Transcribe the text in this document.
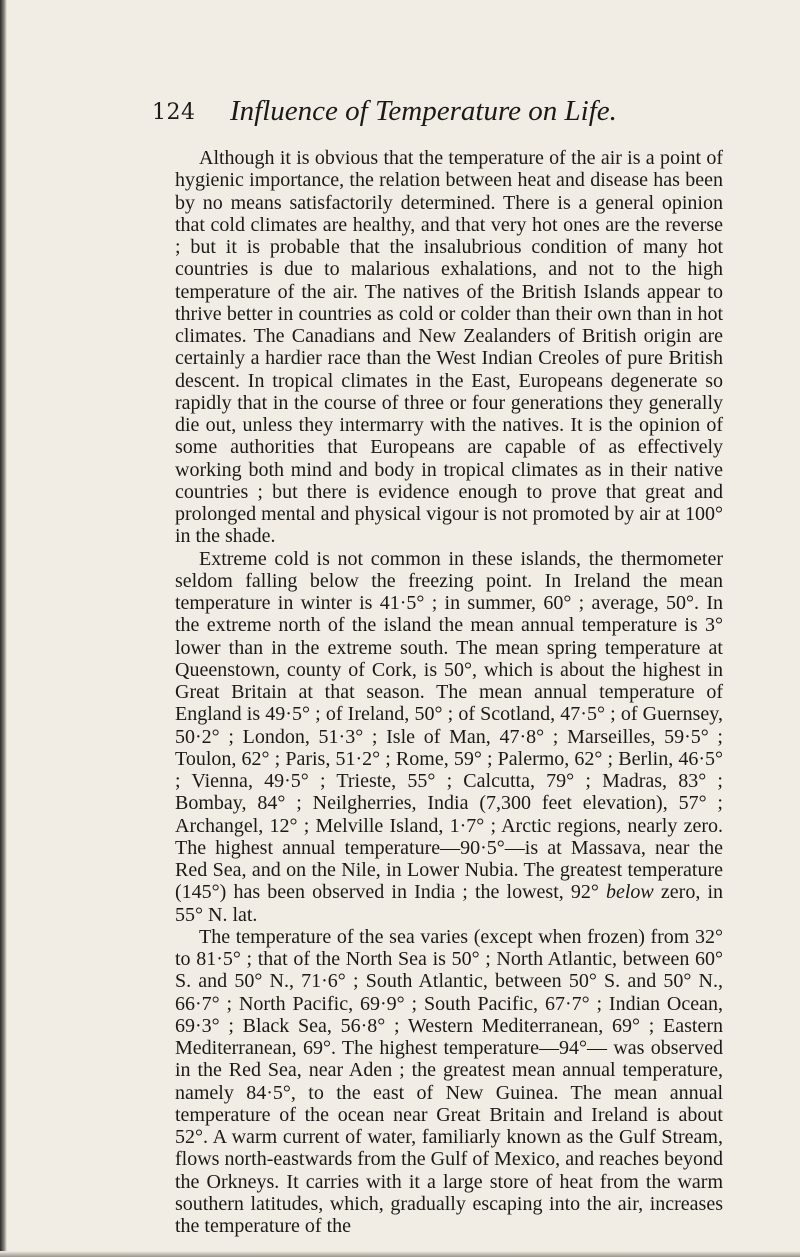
124 Influence of Temperature on Life.

Although it is obvious that the temperature of the air is a point of hygienic importance, the relation between heat and disease has been by no means satisfactorily determined. There is a general opinion that cold climates are healthy, and that very hot ones are the reverse ; but it is probable that the insalubrious condition of many hot countries is due to malarious exhalations, and not to the high temperature of the air. The natives of the British Islands appear to thrive better in countries as cold or colder than their own than in hot climates. The Canadians and New Zealanders of British origin are certainly a hardier race than the West Indian Creoles of pure British descent. In tropical climates in the East, Europeans degenerate so rapidly that in the course of three or four generations they generally die out, unless they intermarry with the natives. It is the opinion of some authorities that Europeans are capable of as effectively working both mind and body in tropical climates as in their native countries ; but there is evidence enough to prove that great and prolonged mental and physical vigour is not promoted by air at 100° in the shade.

Extreme cold is not common in these islands, the thermometer seldom falling below the freezing point. In Ireland the mean temperature in winter is 41·5° ; in summer, 60° ; average, 50°. In the extreme north of the island the mean annual temperature is 3° lower than in the extreme south. The mean spring temperature at Queenstown, county of Cork, is 50°, which is about the highest in Great Britain at that season. The mean annual temperature of England is 49·5° ; of Ireland, 50° ; of Scotland, 47·5° ; of Guernsey, 50·2° ; London, 51·3° ; Isle of Man, 47·8° ; Marseilles, 59·5° ; Toulon, 62° ; Paris, 51·2° ; Rome, 59° ; Palermo, 62° ; Berlin, 46·5° ; Vienna, 49·5° ; Trieste, 55° ; Calcutta, 79° ; Madras, 83° ; Bombay, 84° ; Neilgherries, India (7,300 feet elevation), 57° ; Archangel, 12° ; Melville Island, 1·7° ; Arctic regions, nearly zero. The highest annual temperature—90·5°—is at Massava, near the Red Sea, and on the Nile, in Lower Nubia. The greatest temperature (145°) has been observed in India ; the lowest, 92° below zero, in 55° N. lat.

The temperature of the sea varies (except when frozen) from 32° to 81·5° ; that of the North Sea is 50° ; North Atlantic, between 60° S. and 50° N., 71·6° ; South Atlantic, between 50° S. and 50° N., 66·7° ; North Pacific, 69·9° ; South Pacific, 67·7° ; Indian Ocean, 69·3° ; Black Sea, 56·8° ; Western Mediterranean, 69° ; Eastern Mediterranean, 69°. The highest temperature—94°— was observed in the Red Sea, near Aden ; the greatest mean annual temperature, namely 84·5°, to the east of New Guinea. The mean annual temperature of the ocean near Great Britain and Ireland is about 52°. A warm current of water, familiarly known as the Gulf Stream, flows north-eastwards from the Gulf of Mexico, and reaches beyond the Orkneys. It carries with it a large store of heat from the warm southern latitudes, which, gradually escaping into the air, increases the temperature of the
